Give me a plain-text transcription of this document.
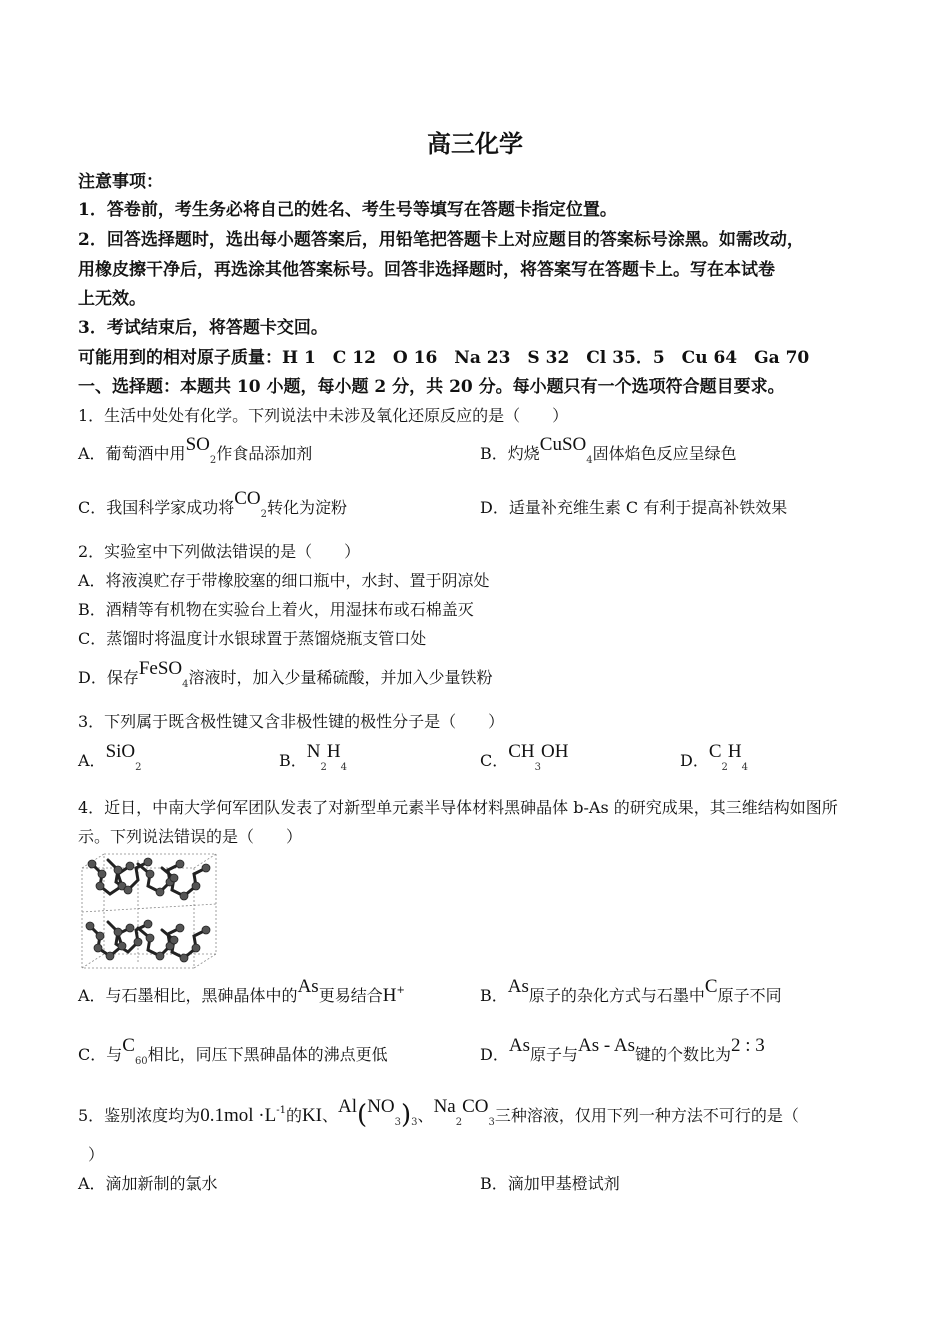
高三化学
注意事项：
1．答卷前，考生务必将自己的姓名、考生号等填写在答题卡指定位置。
2．回答选择题时，选出每小题答案后，用铅笔把答题卡上对应题目的答案标号涂黑。如需改动，
用橡皮擦干净后，再选涂其他答案标号。回答非选择题时，将答案写在答题卡上。写在本试卷
上无效。
3．考试结束后，将答题卡交回。
可能用到的相对原子质量：H 1　C 12　O 16　Na 23　S 32　Cl 35．5　Cu 64　Ga 70
一、选择题：本题共 10 小题，每小题 2 分，共 20 分。每小题只有一个选项符合题目要求。
1．生活中处处有化学。下列说法中未涉及氧化还原反应的是（　　）
A．葡萄酒中用$SO_2$作食品添加剂	B．灼烧CuSO$_4$固体焰色反应呈绿色
C．我国科学家成功将$CO_2$转化为淀粉	D．适量补充维生素 C 有利于提高补铁效果
2．实验室中下列做法错误的是（　　）
A．将液溴贮存于带橡胶塞的细口瓶中，水封、置于阴凉处
B．酒精等有机物在实验台上着火，用湿抹布或石棉盖灭
C．蒸馏时将温度计水银球置于蒸馏烧瓶支管口处
D．保存FeSO$_4$溶液时，加入少量稀硫酸，并加入少量铁粉
3．下列属于既含极性键又含非极性键的极性分子是（　　）
A．SiO$_2$	B．$N_2H_4$	C．$CH_3OH$	D．$C_2H_4$
4．近日，中南大学何军团队发表了对新型单元素半导体材料黑砷晶体 b-As 的研究成果，其三维结构如图所
示。下列说法错误的是（　　）
A．与石墨相比，黑砷晶体中的As更易结合H+	B．As原子的杂化方式与石墨中C原子不同
C．与$C_{60}$相比，同压下黑砷晶体的沸点更低	D．As原子与As - As键的个数比为2 : 3
5．鉴别浓度均为$0.1mol \cdot L^{-1}$的KI、$Al(NO_3)_3$、$Na_2CO_3$三种溶液，仅用下列一种方法不可行的是（
）
A．滴加新制的氯水	B．滴加甲基橙试剂
